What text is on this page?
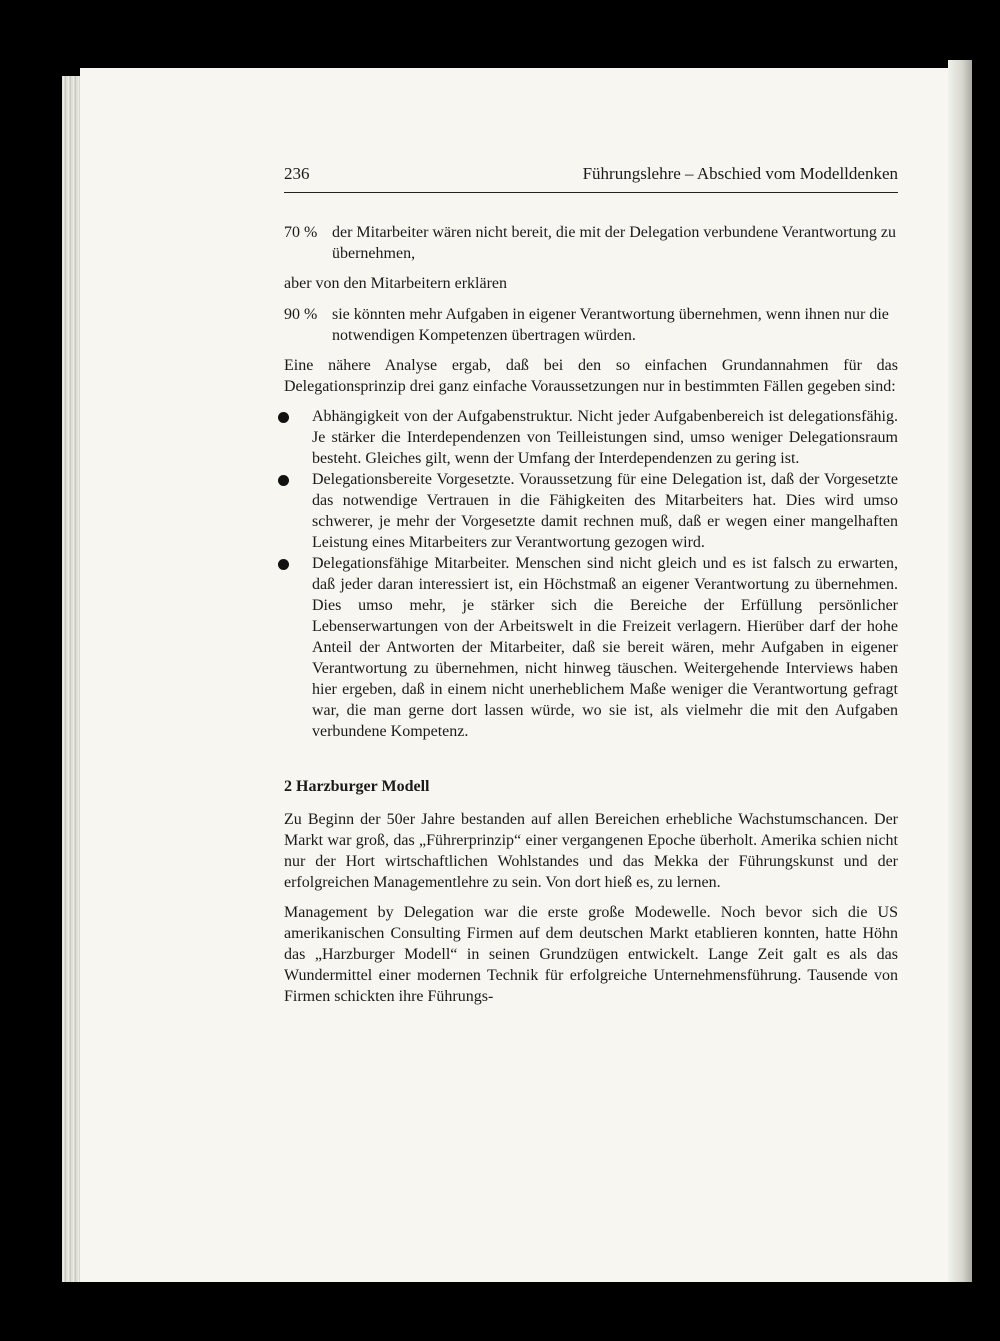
236	Führungslehre – Abschied vom Modelldenken
70 % der Mitarbeiter wären nicht bereit, die mit der Delegation verbundene Verantwortung zu übernehmen,
aber von den Mitarbeitern erklären
90 % sie könnten mehr Aufgaben in eigener Verantwortung übernehmen, wenn ihnen nur die notwendigen Kompetenzen übertragen würden.

Eine nähere Analyse ergab, daß bei den so einfachen Grundannahmen für das Delegationsprinzip drei ganz einfache Voraussetzungen nur in bestimmten Fällen gegeben sind:

Abhängigkeit von der Aufgabenstruktur. Nicht jeder Aufgabenbereich ist delegationsfähig. Je stärker die Interdependenzen von Teilleistungen sind, umso weniger Delegationsraum besteht. Gleiches gilt, wenn der Umfang der Interdependenzen zu gering ist.
Delegationsbereite Vorgesetzte. Voraussetzung für eine Delegation ist, daß der Vorgesetzte das notwendige Vertrauen in die Fähigkeiten des Mitarbeiters hat. Dies wird umso schwerer, je mehr der Vorgesetzte damit rechnen muß, daß er wegen einer mangelhaften Leistung eines Mitarbeiters zur Verantwortung gezogen wird.
Delegationsfähige Mitarbeiter. Menschen sind nicht gleich und es ist falsch zu erwarten, daß jeder daran interessiert ist, ein Höchstmaß an eigener Verantwortung zu übernehmen. Dies umso mehr, je stärker sich die Bereiche der Erfüllung persönlicher Lebenserwartungen von der Arbeitswelt in die Freizeit verlagern. Hierüber darf der hohe Anteil der Antworten der Mitarbeiter, daß sie bereit wären, mehr Aufgaben in eigener Verantwortung zu übernehmen, nicht hinweg täuschen. Weitergehende Interviews haben hier ergeben, daß in einem nicht unerheblichem Maße weniger die Verantwortung gefragt war, die man gerne dort lassen würde, wo sie ist, als vielmehr die mit den Aufgaben verbundene Kompetenz.
2 Harzburger Modell

Zu Beginn der 50er Jahre bestanden auf allen Bereichen erhebliche Wachstumschancen. Der Markt war groß, das „Führerprinzip“ einer vergangenen Epoche überholt. Amerika schien nicht nur der Hort wirtschaftlichen Wohlstandes und das Mekka der Führungskunst und der erfolgreichen Managementlehre zu sein. Von dort hieß es, zu lernen.

Management by Delegation war die erste große Modewelle. Noch bevor sich die US amerikanischen Consulting Firmen auf dem deutschen Markt etablieren konnten, hatte Höhn das „Harzburger Modell“ in seinen Grundzügen entwickelt. Lange Zeit galt es als das Wundermittel einer modernen Technik für erfolgreiche Unternehmensführung. Tausende von Firmen schickten ihre Führungs-
